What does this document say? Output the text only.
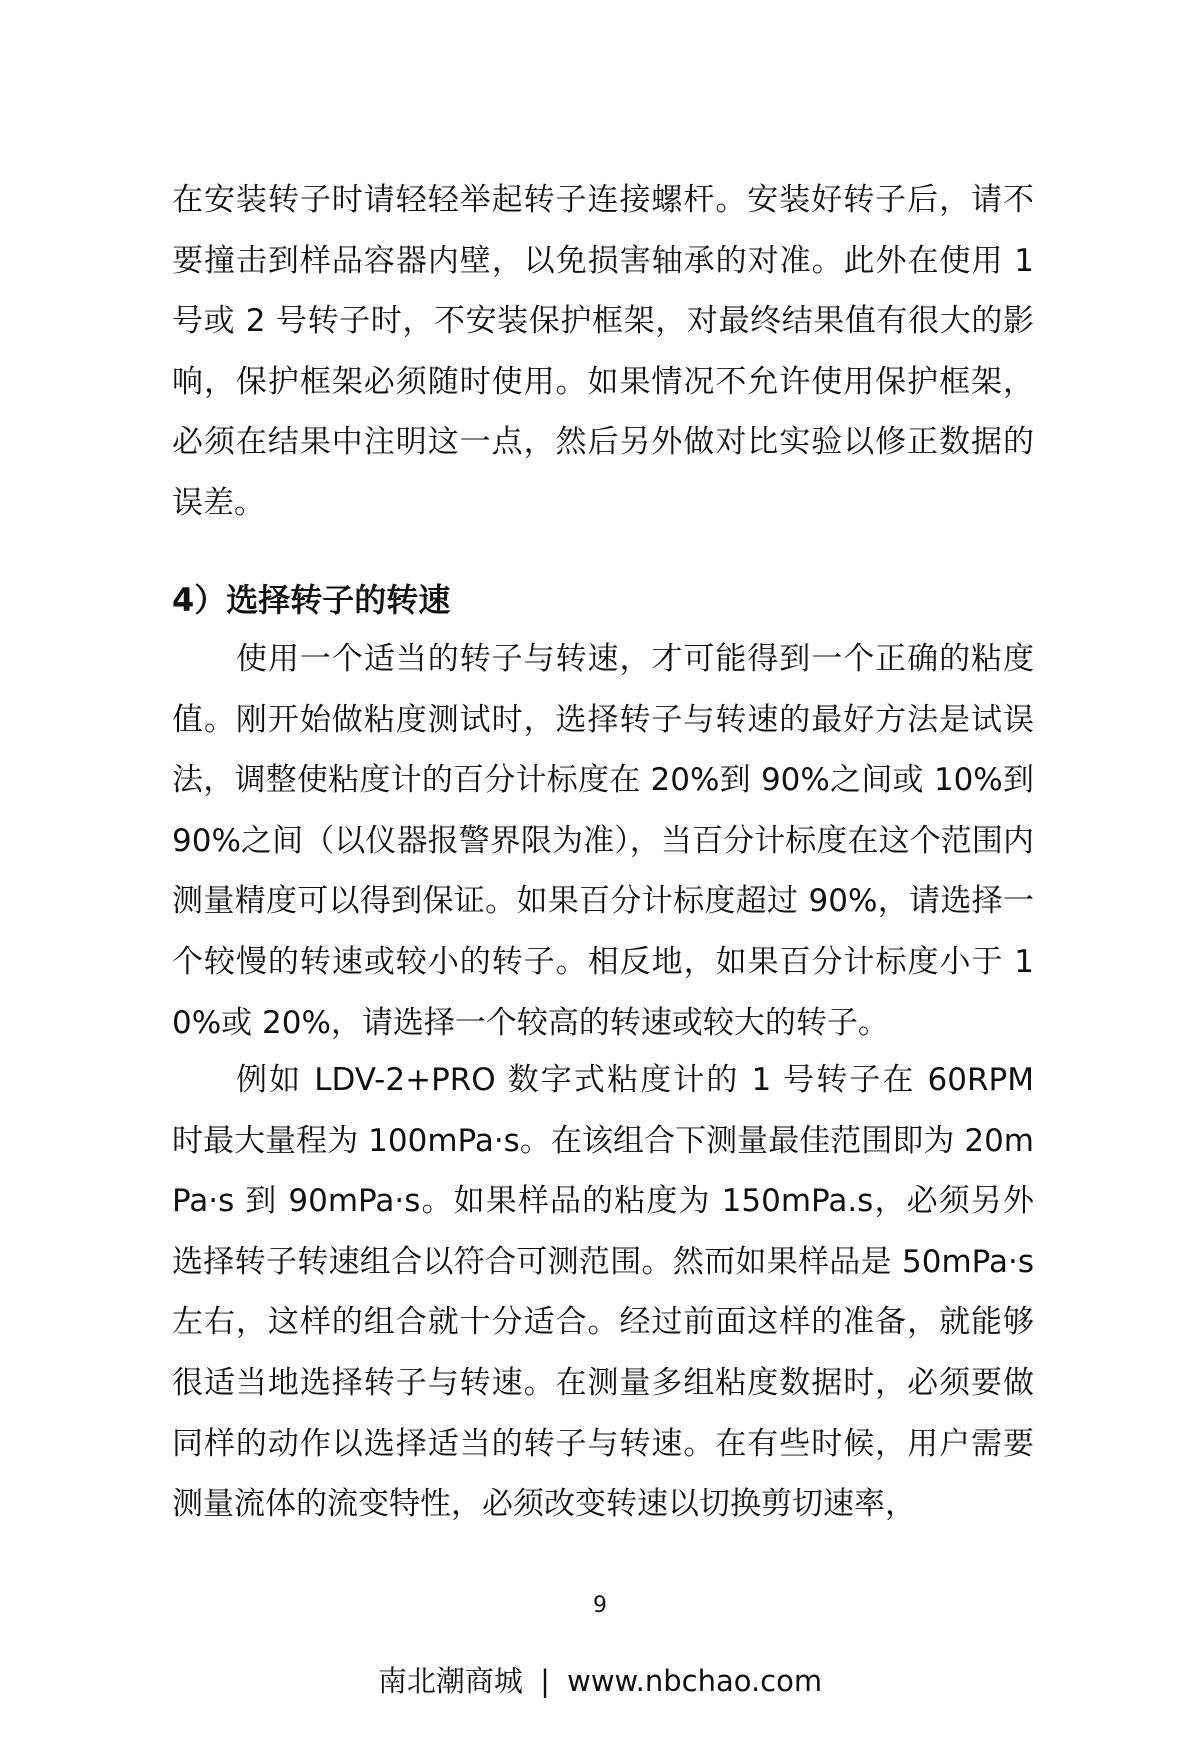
在安装转子时请轻轻举起转子连接螺杆。安装好转子后，请不要撞击到样品容器内壁，以免损害轴承的对准。此外在使用 1 号或 2 号转子时，不安装保护框架，对最终结果值有很大的影响，保护框架必须随时使用。如果情况不允许使用保护框架，必须在结果中注明这一点，然后另外做对比实验以修正数据的误差。

4）选择转子的转速

使用一个适当的转子与转速，才可能得到一个正确的粘度值。刚开始做粘度测试时，选择转子与转速的最好方法是试误法，调整使粘度计的百分计标度在 20%到 90%之间或 10%到 90%之间（以仪器报警界限为准），当百分计标度在这个范围内测量精度可以得到保证。如果百分计标度超过 90%，请选择一个较慢的转速或较小的转子。相反地，如果百分计标度小于 10%或 20%，请选择一个较高的转速或较大的转子。

例如 LDV-2+PRO 数字式粘度计的 1 号转子在 60RPM 时最大量程为 100mPa·s。在该组合下测量最佳范围即为 20mPa·s 到 90mPa·s。如果样品的粘度为 150mPa.s，必须另外选择转子转速组合以符合可测范围。然而如果样品是 50mPa·s 左右，这样的组合就十分适合。经过前面这样的准备，就能够很适当地选择转子与转速。在测量多组粘度数据时，必须要做同样的动作以选择适当的转子与转速。在有些时候，用户需要测量流体的流变特性，必须改变转速以切换剪切速率，

9
南北潮商城 | www.nbchao.com
